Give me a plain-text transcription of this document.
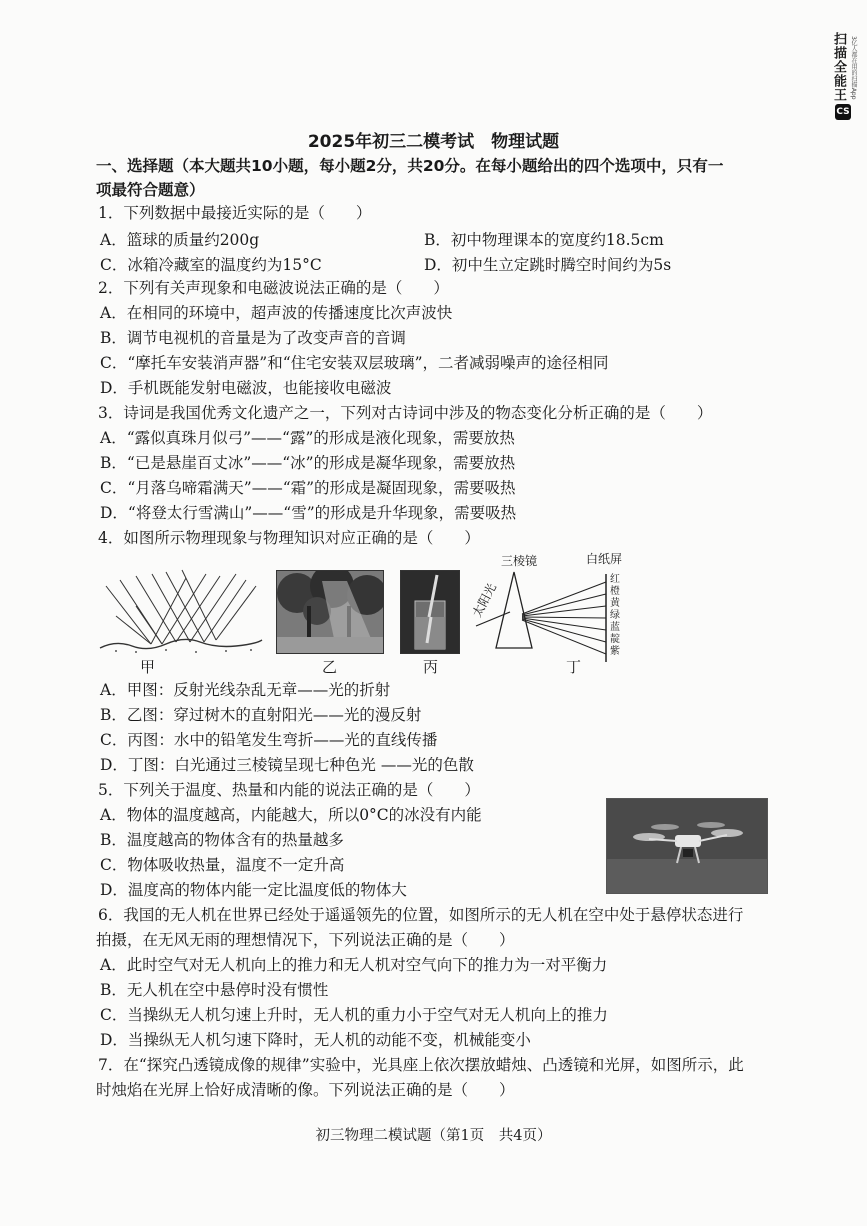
扫描全能王 3亿人都在用的扫描App
CS
2025年初三二模考试　物理试题
一、选择题（本大题共10小题，每小题2分，共20分。在每小题给出的四个选项中，只有一
项最符合题意）
1．下列数据中最接近实际的是（　　）
A．篮球的质量约200g	B．初中物理课本的宽度约18.5cm
C．冰箱冷藏室的温度约为15°C	D．初中生立定跳时腾空时间约为5s
2．下列有关声现象和电磁波说法正确的是（　　）
A．在相同的环境中，超声波的传播速度比次声波快
B．调节电视机的音量是为了改变声音的音调
C．“摩托车安装消声器”和“住宅安装双层玻璃”，二者减弱噪声的途径相同
D．手机既能发射电磁波，也能接收电磁波
3．诗词是我国优秀文化遗产之一，下列对古诗词中涉及的物态变化分析正确的是（　　）
A．“露似真珠月似弓”——“露”的形成是液化现象，需要放热
B．“已是悬崖百丈冰”——“冰”的形成是凝华现象，需要放热
C．“月落乌啼霜满天”——“霜”的形成是凝固现象，需要吸热
D．“将登太行雪满山”——“雪”的形成是升华现象，需要吸热
4．如图所示物理现象与物理知识对应正确的是（　　）
甲	乙	丙
三棱镜	白纸屏
太阳光
红
橙
黄
绿
蓝
靛
紫
丁
A．甲图：反射光线杂乱无章——光的折射
B．乙图：穿过树木的直射阳光——光的漫反射
C．丙图：水中的铅笔发生弯折——光的直线传播
D．丁图：白光通过三棱镜呈现七种色光 ——光的色散
5．下列关于温度、热量和内能的说法正确的是（　　）
A．物体的温度越高，内能越大，所以0°C的冰没有内能
B．温度越高的物体含有的热量越多
C．物体吸收热量，温度不一定升高
D．温度高的物体内能一定比温度低的物体大
6．我国的无人机在世界已经处于遥遥领先的位置，如图所示的无人机在空中处于悬停状态进行
拍摄，在无风无雨的理想情况下，下列说法正确的是（　　）
A．此时空气对无人机向上的推力和无人机对空气向下的推力为一对平衡力
B．无人机在空中悬停时没有惯性
C．当操纵无人机匀速上升时，无人机的重力小于空气对无人机向上的推力
D．当操纵无人机匀速下降时，无人机的动能不变，机械能变小
7．在“探究凸透镜成像的规律”实验中，光具座上依次摆放蜡烛、凸透镜和光屏，如图所示，此
时烛焰在光屏上恰好成清晰的像。下列说法正确的是（　　）
初三物理二模试题（第1页　共4页）
